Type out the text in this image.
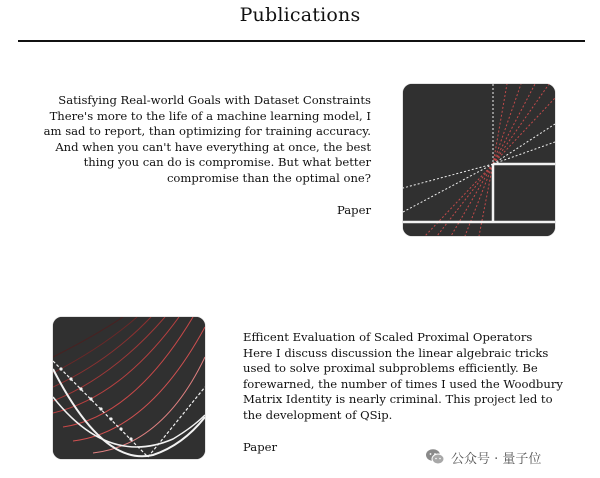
Publications
Satisfying Real-world Goals with Dataset Constraints
There's more to the life of a machine learning model, I am sad to report, than optimizing for training accuracy. And when you can't have everything at once, the best thing you can do is compromise. But what better compromise than the optimal one?
Paper
Efficent Evaluation of Scaled Proximal Operators
Here I discuss discussion the linear algebraic tricks used to solve proximal subproblems efficiently. Be forewarned, the number of times I used the Woodbury Matrix Identity is nearly criminal. This project led to the development of QSip.
Paper
公众号 · 量子位
